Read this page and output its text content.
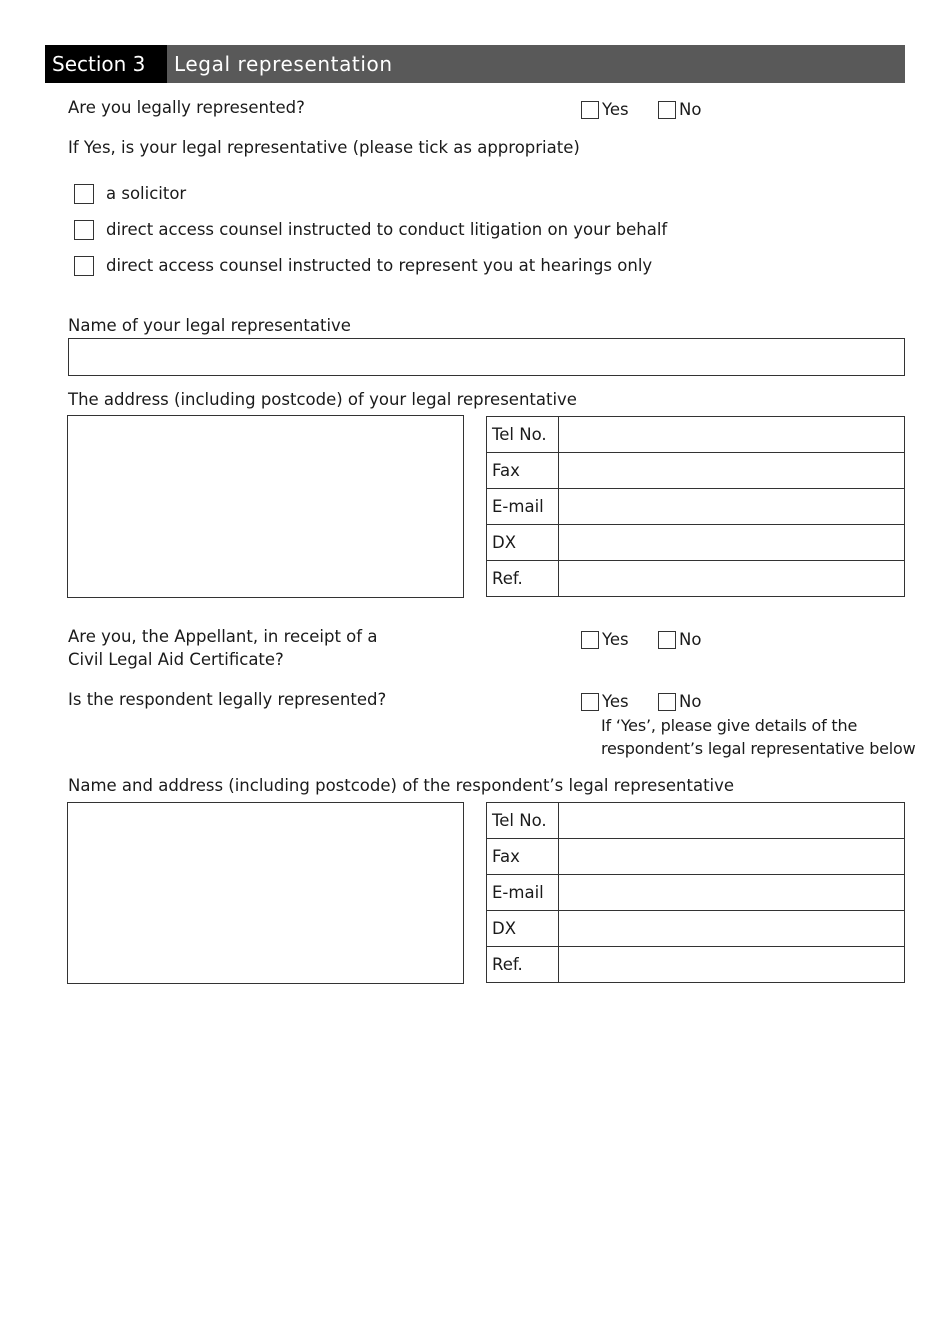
Section 3	Legal representation
Are you legally represented?	Yes	No
If Yes, is your legal representative (please tick as appropriate)
a solicitor
direct access counsel instructed to conduct litigation on your behalf
direct access counsel instructed to represent you at hearings only
Name of your legal representative
The address (including postcode) of your legal representative
Tel No.	
Fax	
E-mail	
DX	
Ref.	
Are you, the Appellant, in receipt of a
Civil Legal Aid Certificate?
Yes	No
Is the respondent legally represented?	Yes	No
If ‘Yes’, please give details of the
respondent’s legal representative below
Name and address (including postcode) of the respondent’s legal representative
Tel No.	
Fax	
E-mail	
DX	
Ref.	
